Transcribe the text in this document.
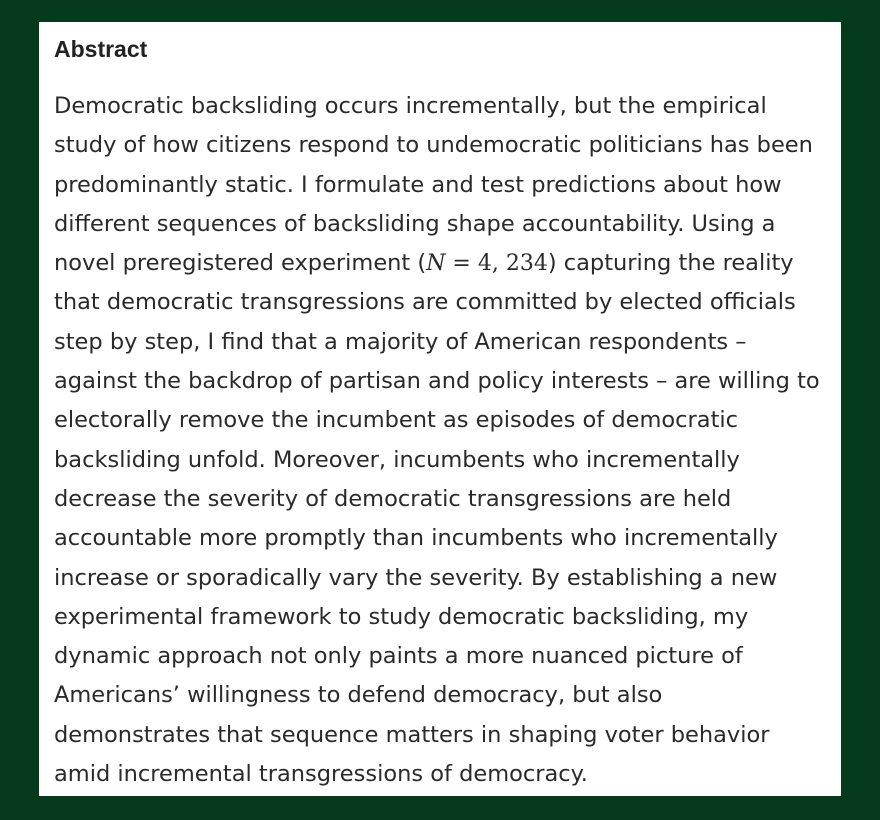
Abstract
Democratic backsliding occurs incrementally, but the empirical
study of how citizens respond to undemocratic politicians has been
predominantly static. I formulate and test predictions about how
different sequences of backsliding shape accountability. Using a
novel preregistered experiment (N = 4, 234) capturing the reality
that democratic transgressions are committed by elected officials
step by step, I find that a majority of American respondents –
against the backdrop of partisan and policy interests – are willing to
electorally remove the incumbent as episodes of democratic
backsliding unfold. Moreover, incumbents who incrementally
decrease the severity of democratic transgressions are held
accountable more promptly than incumbents who incrementally
increase or sporadically vary the severity. By establishing a new
experimental framework to study democratic backsliding, my
dynamic approach not only paints a more nuanced picture of
Americans’ willingness to defend democracy, but also
demonstrates that sequence matters in shaping voter behavior
amid incremental transgressions of democracy.
